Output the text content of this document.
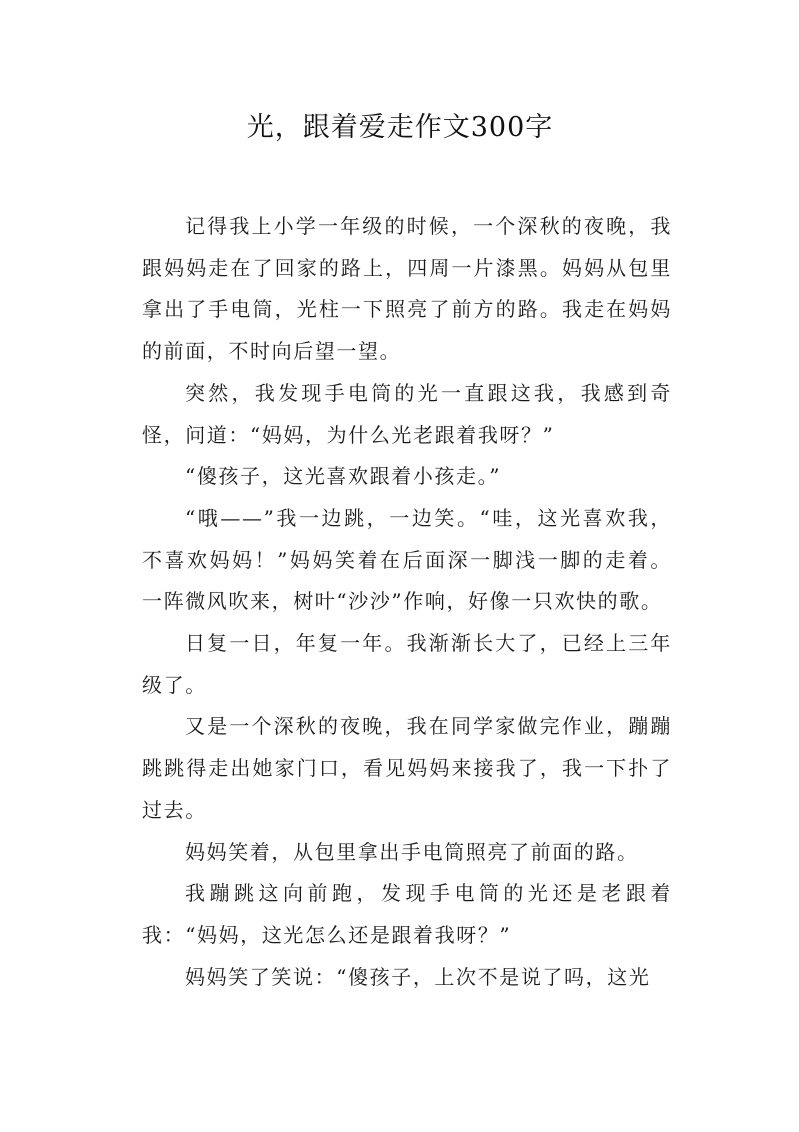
光，跟着爱走作文300字

记得我上小学一年级的时候，一个深秋的夜晚，我跟妈妈走在了回家的路上，四周一片漆黑。妈妈从包里拿出了手电筒，光柱一下照亮了前方的路。我走在妈妈的前面，不时向后望一望。

突然，我发现手电筒的光一直跟这我，我感到奇怪，问道：“妈妈，为什么光老跟着我呀？”

“傻孩子，这光喜欢跟着小孩走。”

“哦——”我一边跳，一边笑。“哇，这光喜欢我，不喜欢妈妈！”妈妈笑着在后面深一脚浅一脚的走着。一阵微风吹来，树叶“沙沙”作响，好像一只欢快的歌。

日复一日，年复一年。我渐渐长大了，已经上三年级了。

又是一个深秋的夜晚，我在同学家做完作业，蹦蹦跳跳得走出她家门口，看见妈妈来接我了，我一下扑了过去。

妈妈笑着，从包里拿出手电筒照亮了前面的路。

我蹦跳这向前跑，发现手电筒的光还是老跟着我：“妈妈，这光怎么还是跟着我呀？”

妈妈笑了笑说：“傻孩子，上次不是说了吗，这光
